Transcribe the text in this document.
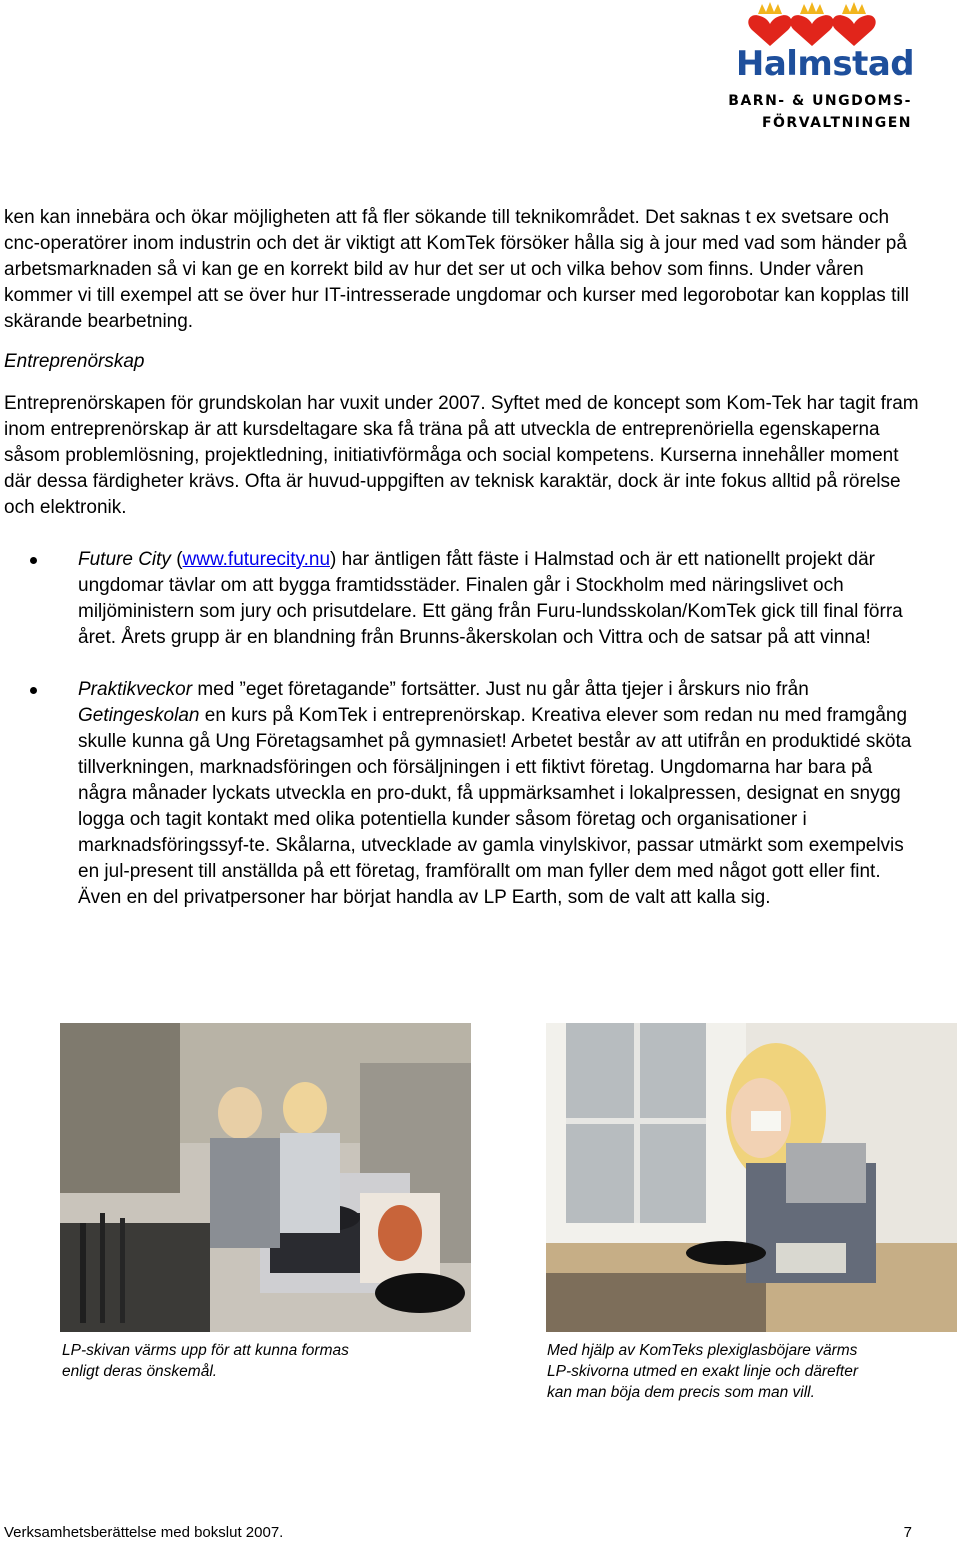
Halmstad
BARN- & UNGDOMS-
FÖRVALTNINGEN

ken kan innebära och ökar möjligheten att få fler sökande till teknikområdet. Det saknas t ex svetsare och cnc-operatörer inom industrin och det är viktigt att KomTek försöker hålla sig à jour med vad som händer på arbetsmarknaden så vi kan ge en korrekt bild av hur det ser ut och vilka behov som finns. Under våren kommer vi till exempel att se över hur IT-intresserade ungdomar och kurser med legorobotar kan kopplas till skärande bearbetning.

Entreprenörskap

Entreprenörskapen för grundskolan har vuxit under 2007. Syftet med de koncept som Kom-Tek har tagit fram inom entreprenörskap är att kursdeltagare ska få träna på att utveckla de entreprenöriella egenskaperna såsom problemlösning, projektledning, initiativförmåga och social kompetens. Kurserna innehåller moment där dessa färdigheter krävs. Ofta är huvud-uppgiften av teknisk karaktär, dock är inte fokus alltid på rörelse och elektronik.

Future City (www.futurecity.nu) har äntligen fått fäste i Halmstad och är ett nationellt projekt där ungdomar tävlar om att bygga framtidsstäder. Finalen går i Stockholm med näringslivet och miljöministern som jury och prisutdelare. Ett gäng från Furu-lundsskolan/KomTek gick till final förra året. Årets grupp är en blandning från Brunns-åkerskolan och Vittra och de satsar på att vinna!
Praktikveckor med ”eget företagande” fortsätter. Just nu går åtta tjejer i årskurs nio från Getingeskolan en kurs på KomTek i entreprenörskap. Kreativa elever som redan nu med framgång skulle kunna gå Ung Företagsamhet på gymnasiet! Arbetet består av att utifrån en produktidé sköta tillverkningen, marknadsföringen och försäljningen i ett fiktivt företag. Ungdomarna har bara på några månader lyckats utveckla en pro-dukt, få uppmärksamhet i lokalpressen, designat en snygg logga och tagit kontakt med olika potentiella kunder såsom företag och organisationer i marknadsföringssyf-te. Skålarna, utvecklade av gamla vinylskivor, passar utmärkt som exempelvis en jul-present till anställda på ett företag, framförallt om man fyller dem med något gott eller fint. Även en del privatpersoner har börjat handla av LP Earth, som de valt att kalla sig.
LP-skivan värms upp för att kunna formas enligt deras önskemål.
Med hjälp av KomTeks plexiglasböjare värms LP-skivorna utmed en exakt linje och därefter kan man böja dem precis som man vill.
Verksamhetsberättelse med bokslut 2007.	7
